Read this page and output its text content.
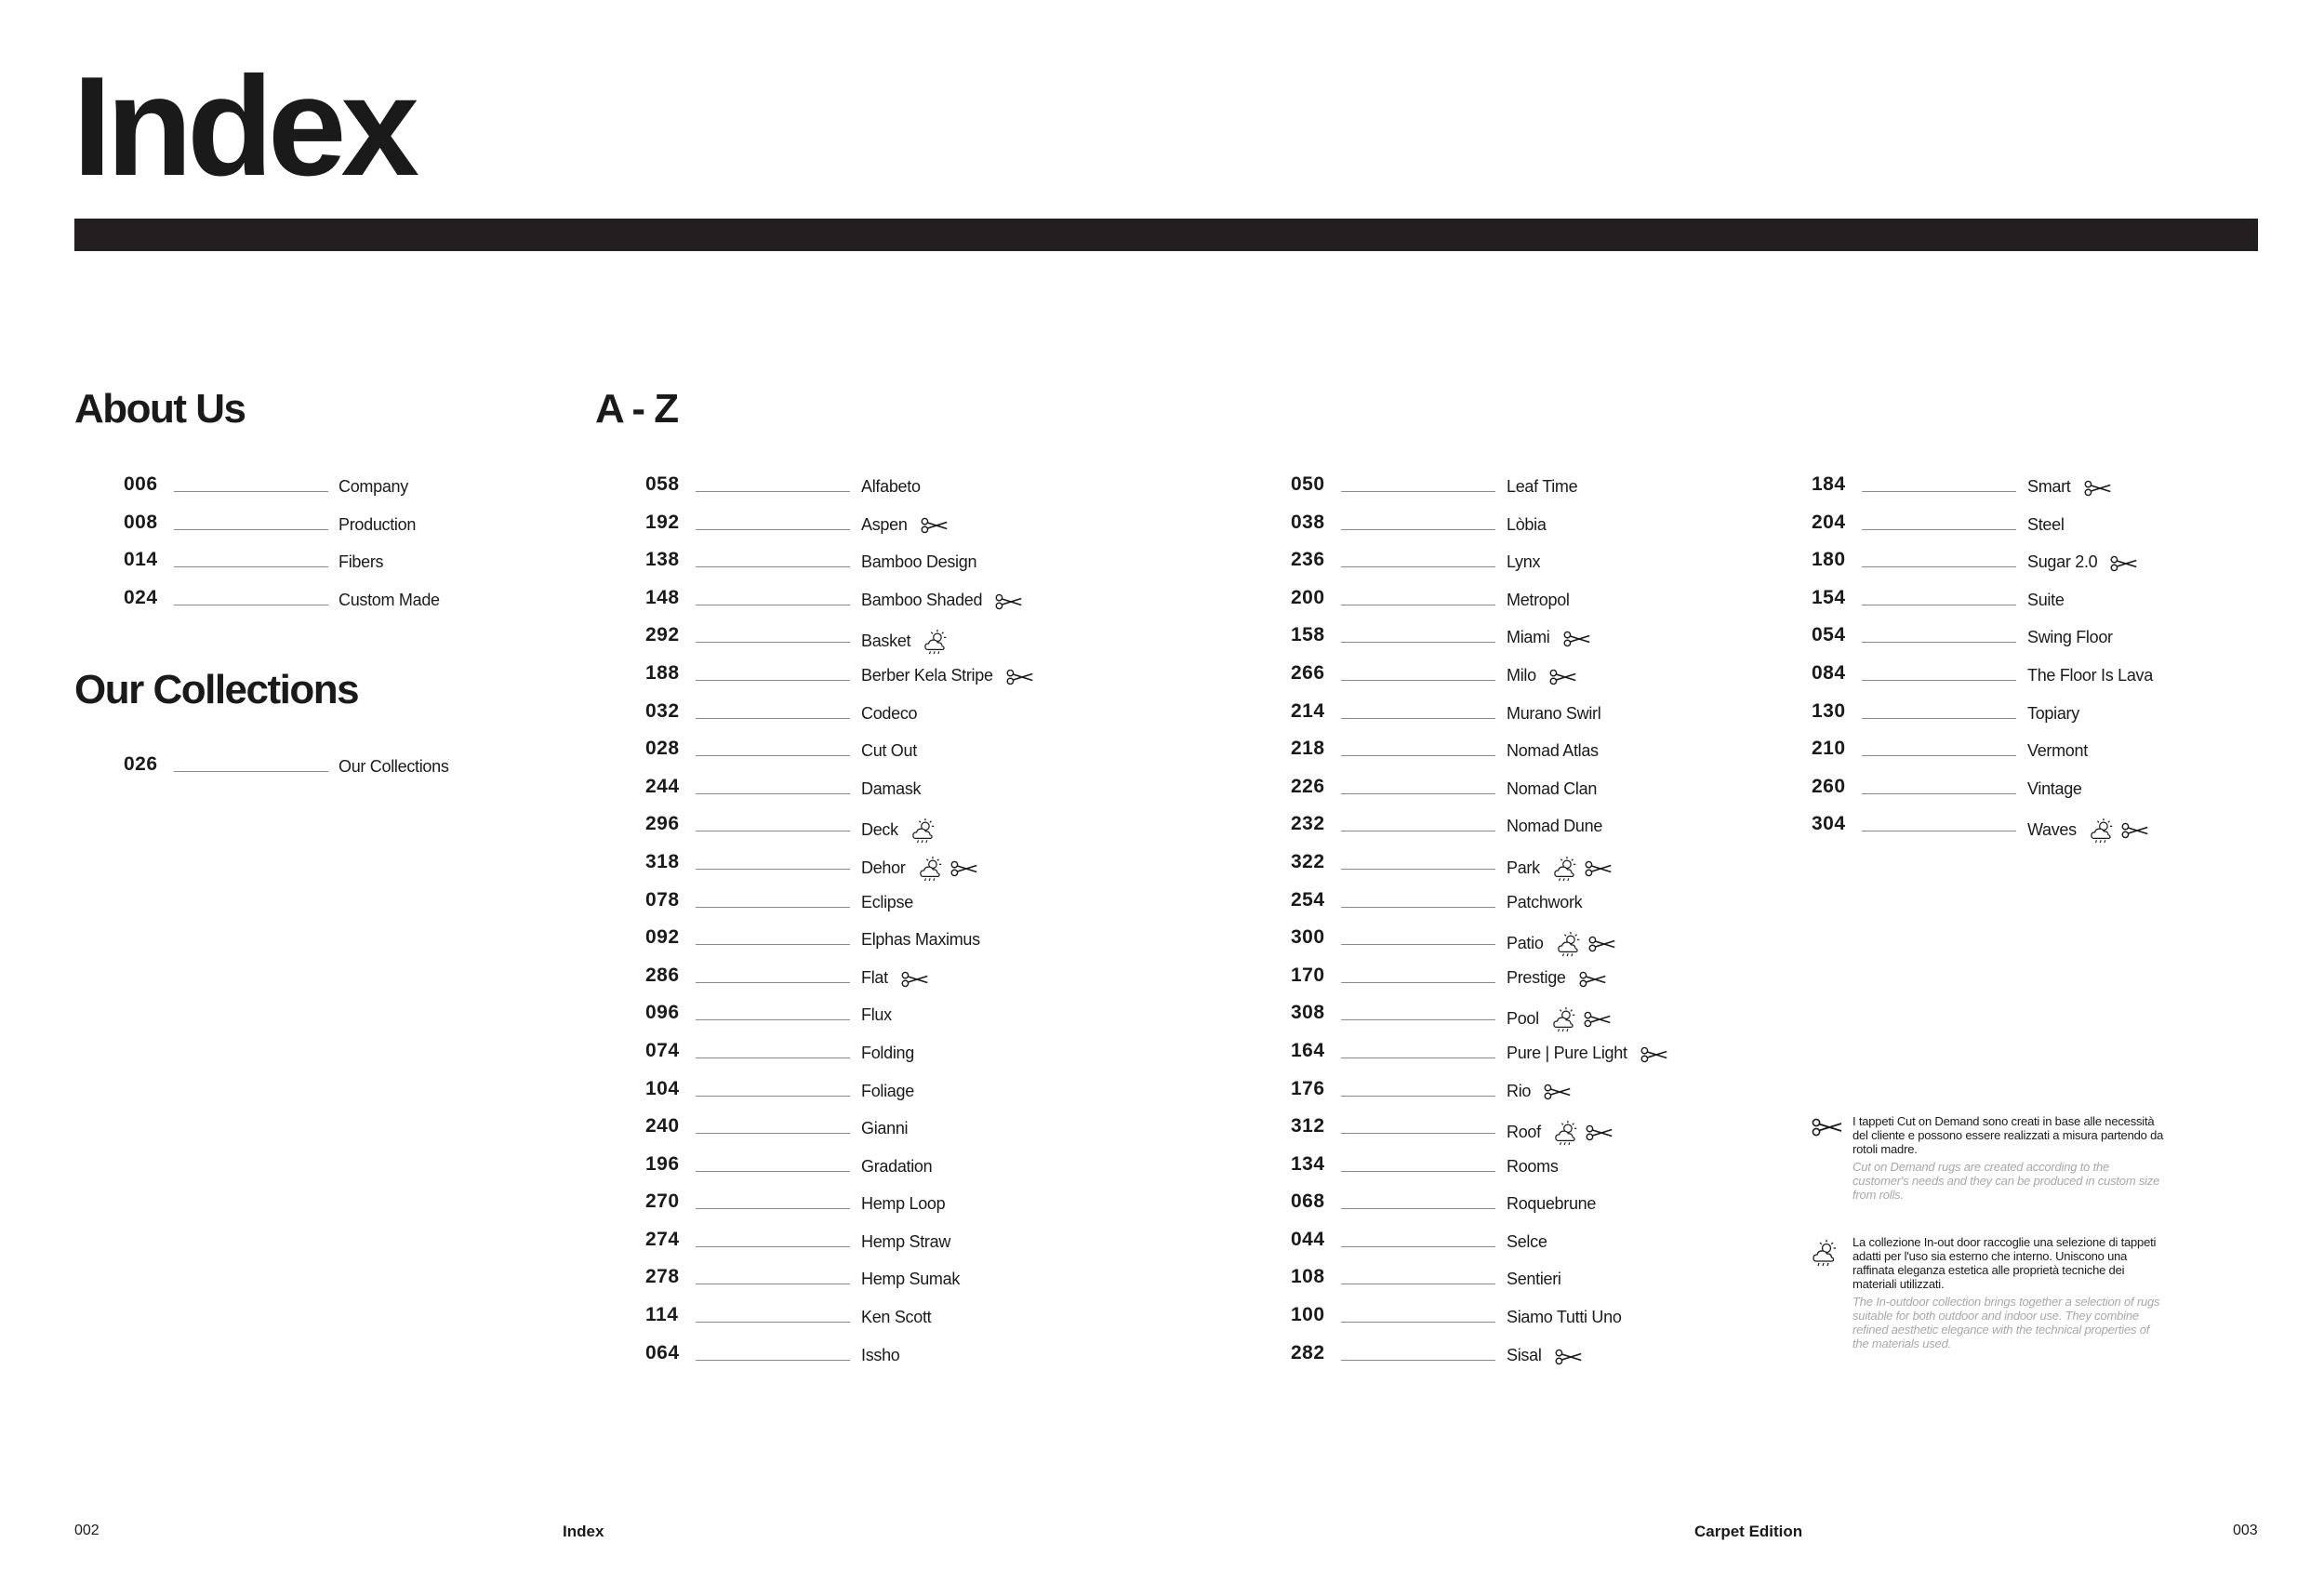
Index
About Us
006	Company
008	Production
014	Fibers
024	Custom Made
Our Collections
026	Our Collections
A - Z
058	Alfabeto
192	Aspen
138	Bamboo Design
148	Bamboo Shaded
292	Basket
188	Berber Kela Stripe
032	Codeco
028	Cut Out
244	Damask
296	Deck
318	Dehor
078	Eclipse
092	Elphas Maximus
286	Flat
096	Flux
074	Folding
104	Foliage
240	Gianni
196	Gradation
270	Hemp Loop
274	Hemp Straw
278	Hemp Sumak
114	Ken Scott
064	Issho
050	Leaf Time
038	Lòbia
236	Lynx
200	Metropol
158	Miami
266	Milo
214	Murano Swirl
218	Nomad Atlas
226	Nomad Clan
232	Nomad Dune
322	Park
254	Patchwork
300	Patio
170	Prestige
308	Pool
164	Pure | Pure Light
176	Rio
312	Roof
134	Rooms
068	Roquebrune
044	Selce
108	Sentieri
100	Siamo Tutti Uno
282	Sisal
184	Smart
204	Steel
180	Sugar 2.0
154	Suite
054	Swing Floor
084	The Floor Is Lava
130	Topiary
210	Vermont
260	Vintage
304	Waves
I tappeti Cut on Demand sono creati in base alle necessità del cliente e possono essere realizzati a misura partendo da rotoli madre.
Cut on Demand rugs are created according to the customer's needs and they can be produced in custom size from rolls.
La collezione In-out door raccoglie una selezione di tappeti adatti per l'uso sia esterno che interno. Uniscono una raffinata eleganza estetica alle proprietà tecniche dei materiali utilizzati.
The In-outdoor collection brings together a selection of rugs suitable for both outdoor and indoor use. They combine refined aesthetic elegance with the technical properties of the materials used.
002	Index	Carpet Edition	003
